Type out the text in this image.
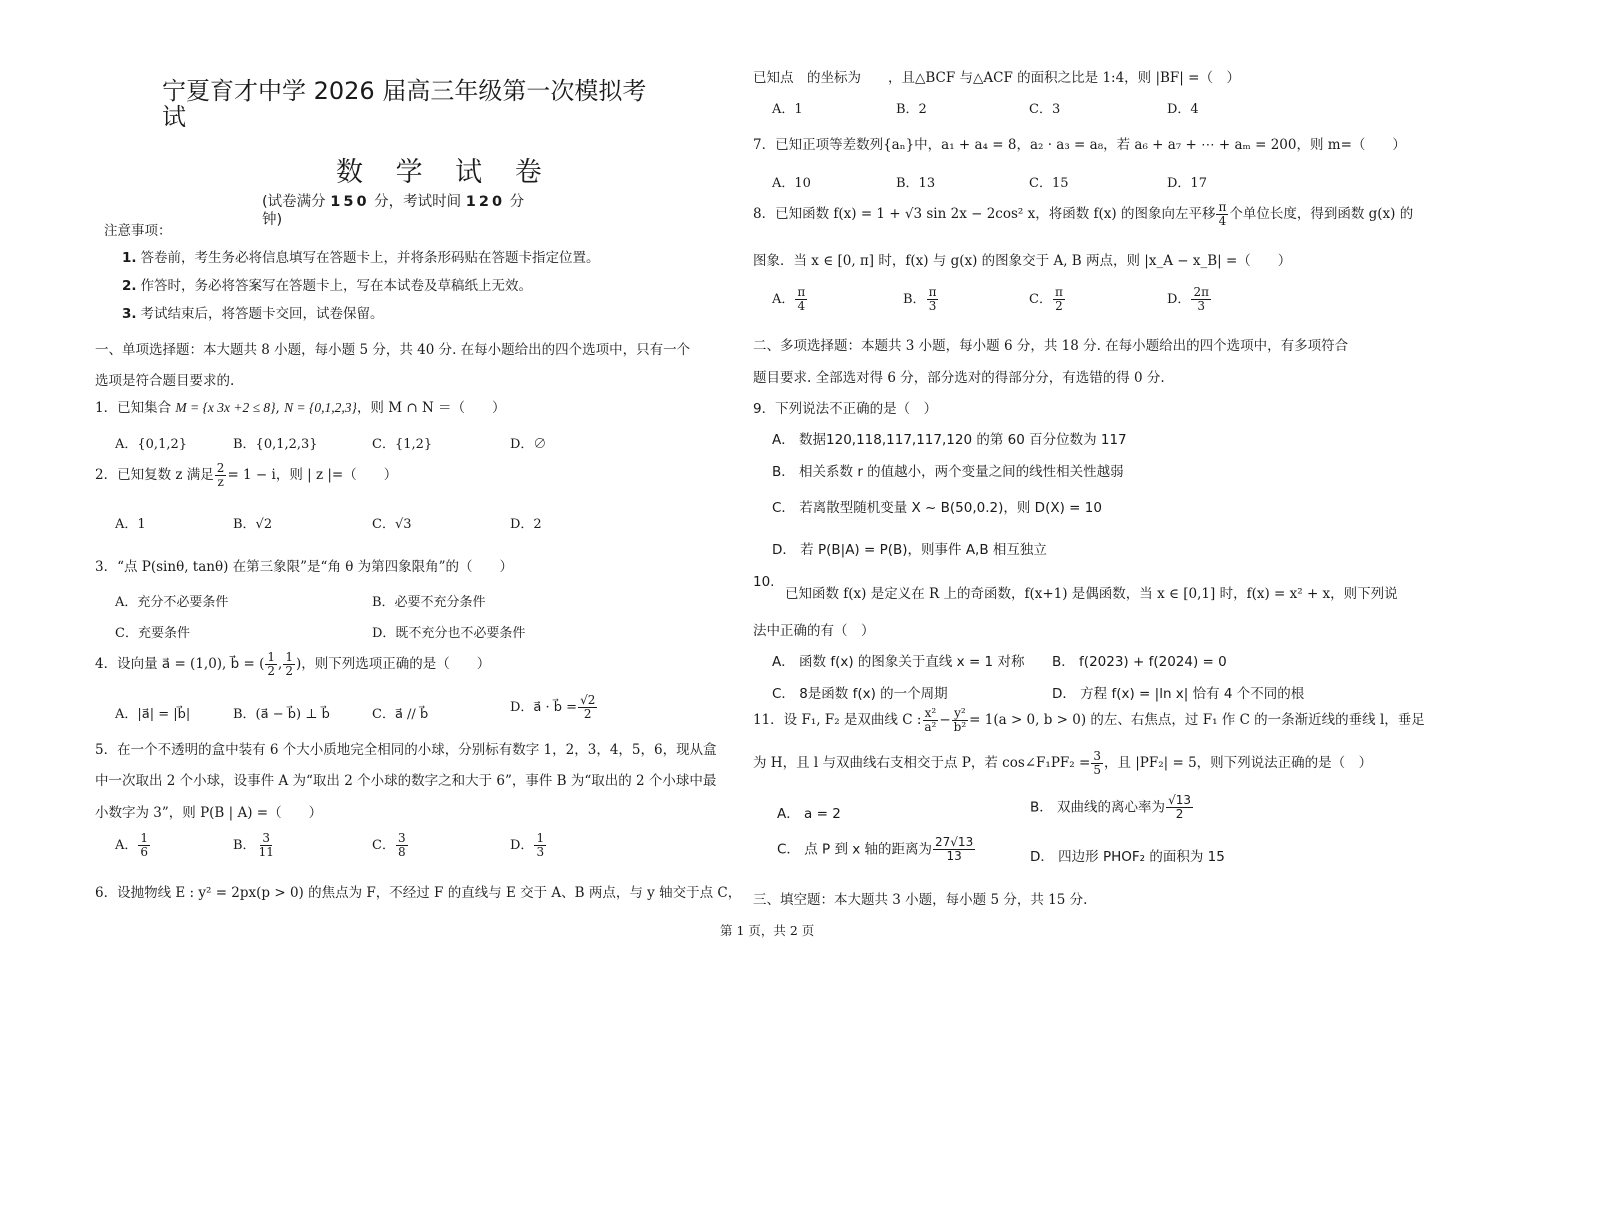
宁夏育才中学 2026 届高三年级第一次模拟考
试
数 学 试 卷
(试卷满分 150 分，考试时间 120 分
钟)
注意事项：
1. 答卷前，考生务必将信息填写在答题卡上，并将条形码贴在答题卡指定位置。
2. 作答时，务必将答案写在答题卡上，写在本试卷及草稿纸上无效。
3. 考试结束后，将答题卡交回，试卷保留。
一、单项选择题：本大题共 8 小题，每小题 5 分，共 40 分. 在每小题给出的四个选项中，只有一个
选项是符合题目要求的.
1．已知集合 M = {x 3x +2 ≤ 8}, N = {0,1,2,3}，则 M ∩ N ＝（　　）
A．{0,1,2}	B．{0,1,2,3}	C．{1,2}	D．∅
2．已知复数 z 满足 $\frac{2}{z} = 1 - i$，则 | z |=（　　）
A．1	B．√2	C．√3	D．2
3．“点 P(sinθ, tanθ) 在第三象限”是“角 θ 为第四象限角”的（　　）
A．充分不必要条件	B．必要不充分条件
C．充要条件	D．既不充分也不必要条件
4．设向量 a⃗ = (1,0), b⃗ = ( $\frac{1}{2}$ , $\frac{1}{2}$ )，则下列选项正确的是（　　）
A．|a⃗| = |b⃗|	B．(a⃗ − b⃗) ⊥ b⃗	C．a⃗ // b⃗	D．a⃗ · b⃗ = $\frac{√2}{2}$
5．在一个不透明的盒中装有 6 个大小质地完全相同的小球，分别标有数字 1，2，3，4，5，6，现从盒
中一次取出 2 个小球，设事件 A 为“取出 2 个小球的数字之和大于 6”，事件 B 为“取出的 2 个小球中最
小数字为 3”，则 P(B | A) =（　　）
A． $\frac{1}{6}$	B． $\frac{3}{11}$	C． $\frac{3}{8}$	D． $\frac{1}{3}$
6．设抛物线 E : y² = 2px(p > 0) 的焦点为 F，不经过 F 的直线与 E 交于 A、B 两点，与 y 轴交于点 C，
已知点　的坐标为　　，且△BCF 与△ACF 的面积之比是 1:4，则 |BF| =（　）
A．1	B．2	C．3	D．4
7．已知正项等差数列{aₙ}中，a₁ + a₄ = 8，a₂ · a₃ = a₈，若 a₆ + a₇ + ⋯ + aₘ = 200，则 m=（　　）
A．10	B．13	C．15	D．17
8．已知函数 f(x) = 1 + √3 sin 2x − 2cos² x，将函数 f(x) 的图象向左平移 $\frac{\pi}{4}$ 个单位长度，得到函数 g(x) 的
图象．当 x ∈ [0, π] 时，f(x) 与 g(x) 的图象交于 A, B 两点，则 |x_A − x_B| =（　　）
A． $\frac{\pi}{4}$	B． $\frac{\pi}{3}$	C． $\frac{\pi}{2}$	D． $\frac{2\pi}{3}$
二、多项选择题：本题共 3 小题，每小题 6 分，共 18 分. 在每小题给出的四个选项中，有多项符合
题目要求. 全部选对得 6 分，部分选对的得部分分，有选错的得 0 分.
9．下列说法不正确的是（　）
A． 数据120,118,117,117,120 的第 60 百分位数为 117
B． 相关系数 r 的值越小，两个变量之间的线性相关性越弱
C． 若离散型随机变量 X ~ B(50,0.2)，则 D(X) = 10
D． 若 P(B|A) = P(B)，则事件 A,B 相互独立
10.
已知函数 f(x) 是定义在 R 上的奇函数，f(x+1) 是偶函数，当 x ∈ [0,1] 时，f(x) = x² + x，则下列说
法中正确的有（　）
A． 函数 f(x) 的图象关于直线 x = 1 对称 B． f(2023) + f(2024) = 0
C． 8是函数 f(x) 的一个周期	D． 方程 f(x) = |ln x| 恰有 4 个不同的根
11．设 F₁, F₂ 是双曲线 C : $\frac{\text{x²}}{\text{a²}} - \frac{\text{y²}}{\text{b²}} = 1(a > 0$, b > 0) 的左、右焦点，过 F₁ 作 C 的一条渐近线的垂线 l，垂足
为 H，且 l 与双曲线右支相交于点 P，若 cos∠F₁PF₂ = $\frac{3}{5}$ ，且 |PF₂| = 5，则下列说法正确的是（　）
A． a = 2	B． 双曲线的离心率为 $\frac{√13}{2}$
C． 点 P 到 x 轴的距离为 $\frac{27√13}{13}$	D． 四边形 PHOF₂ 的面积为 15
三、填空题：本大题共 3 小题，每小题 5 分，共 15 分.
第 1 页，共 2 页
